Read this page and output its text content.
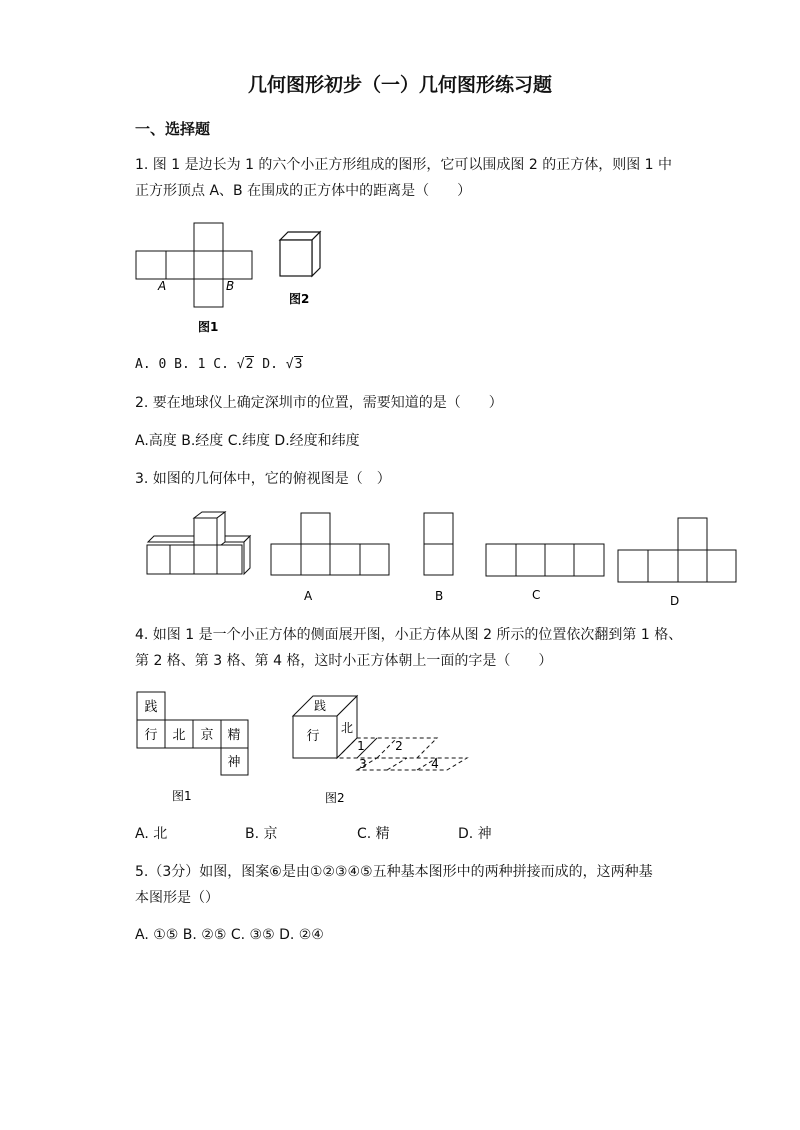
几何图形初步（一）几何图形练习题
一、选择题
1. 图 1 是边长为 1 的六个小正方形组成的图形，它可以围成图 2 的正方体，则图 1 中
正方形顶点 A、B 在围成的正方体中的距离是（　　）
A	B
图1
图2
A. 0 B. 1 C. √2 D. √3
2. 要在地球仪上确定深圳市的位置，需要知道的是（　　）
A.高度 B.经度 C.纬度 D.经度和纬度
3. 如图的几何体中，它的俯视图是（　）
A	B	C	D
4. 如图 1 是一个小正方体的侧面展开图，小正方体从图 2 所示的位置依次翻到第 1 格、
第 2 格、第 3 格、第 4 格，这时小正方体朝上一面的字是（　　）
践
行 北 京 精
神
图1
践
行
北
1	2
3	4
图2
A. 北	B. 京	C. 精	D. 神
5.（3分）如图，图案⑥是由①②③④⑤五种基本图形中的两种拼接而成的，这两种基
本图形是（）
A. ①⑤ B. ②⑤ C. ③⑤ D. ②④
